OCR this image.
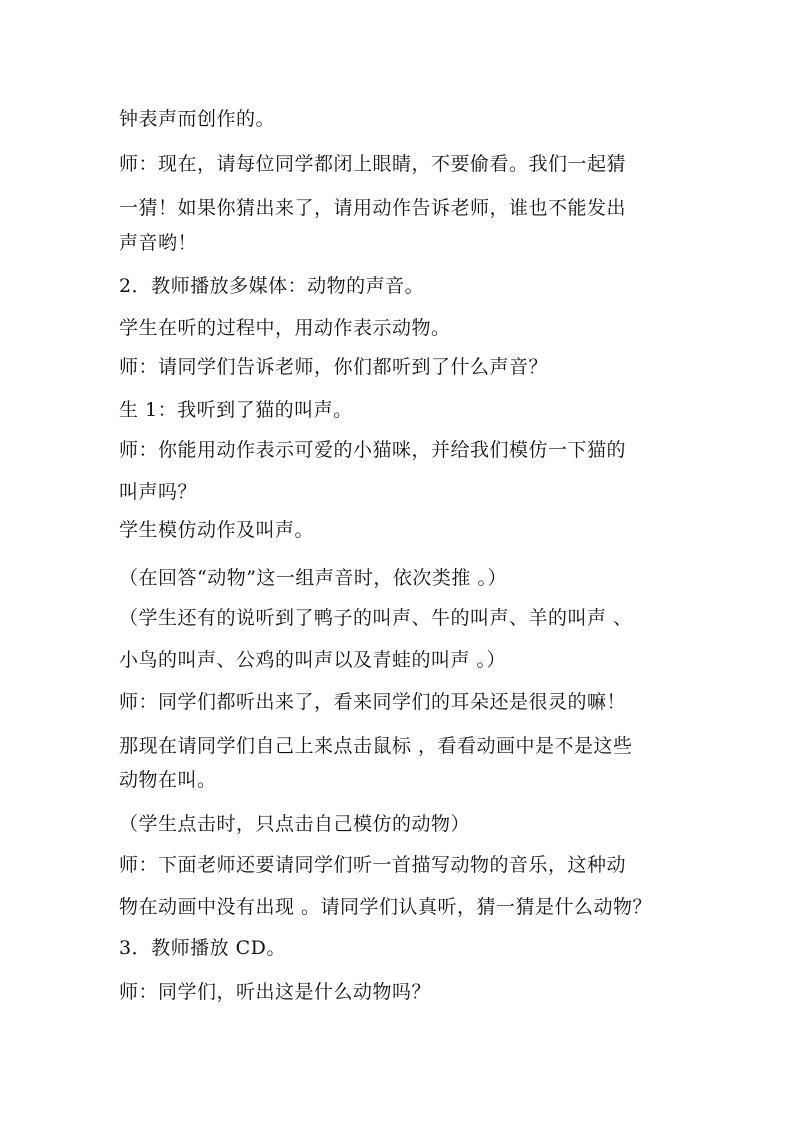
钟表声而创作的。
师：现在，请每位同学都闭上眼睛，不要偷看。我们一起猜
一猜！如果你猜出来了，请用动作告诉老师，谁也不能发出
声音哟！
2．教师播放多媒体：动物的声音。
学生在听的过程中，用动作表示动物。
师：请同学们告诉老师，你们都听到了什么声音？
生 1：我听到了猫的叫声。
师：你能用动作表示可爱的小猫咪，并给我们模仿一下猫的
叫声吗？
学生模仿动作及叫声。
（在回答“动物”这一组声音时，依次类推 。）
（学生还有的说听到了鸭子的叫声、牛的叫声、羊的叫声 、
小鸟的叫声、公鸡的叫声以及青蛙的叫声 。）
师：同学们都听出来了，看来同学们的耳朵还是很灵的嘛！
那现在请同学们自己上来点击鼠标 ，看看动画中是不是这些
动物在叫。
（学生点击时，只点击自己模仿的动物）
师：下面老师还要请同学们听一首描写动物的音乐，这种动
物在动画中没有出现 。请同学们认真听，猜一猜是什么动物？
3．教师播放 CD。
师：同学们，听出这是什么动物吗？
